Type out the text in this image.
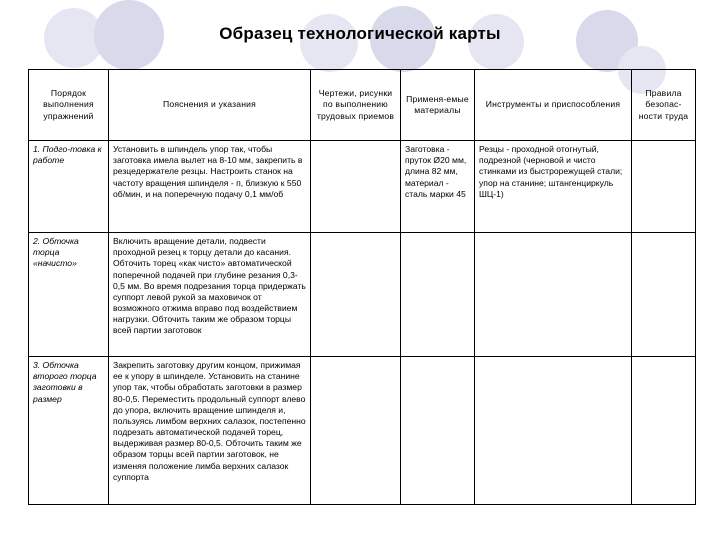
Образец технологической карты
Порядок выполнения упражнений	Пояснения и указания	Чертежи, рисунки по выполнению трудовых приемов	Применя-емые материалы	Инструменты и приспособления	Правила безопас-ности труда
1. Подго-товка к работе	Установить в шпиндель упор так, чтобы заготовка имела вылет на 8-10 мм, закрепить в резцедержателе резцы. Настроить станок на частоту вращения шпинделя - п, близкую к 550 об/мин, и на поперечную подачу 0,1 мм/об		Заготовка - пруток Ø20 мм, длина 82 мм, материал - сталь марки 45	Резцы - проходной отогнутый, подрезной (черновой и чисто стинками из быстрорежущей стали; упор на станине; штангенциркуль ШЦ-1)	
2. Обточка торца «начисто»	Включить вращение детали, подвести проходной резец к торцу детали до касания. Обточить торец «как чисто» автоматической поперечной подачей при глубине резания 0,3-0,5 мм. Во время подрезания торца придержать суппорт левой рукой за маховичок от возможного отжима вправо под воздействием нагрузки. Обточить таким же образом торцы всей партии заготовок				
3. Обточка второго торца заготовки в размер	Закрепить заготовку другим концом, прижимая ее к упору в шпинделе. Установить на станине упор так, чтобы обработать заготовки в размер 80-0,5. Переместить продольный суппорт влево до упора, включить вращение шпинделя и, пользуясь лимбом верхних салазок, постепенно подрезать автоматической подачей торец, выдерживая размер 80-0,5. Обточить таким же образом торцы всей партии заготовок, не изменяя положение лимба верхних салазок суппорта				
